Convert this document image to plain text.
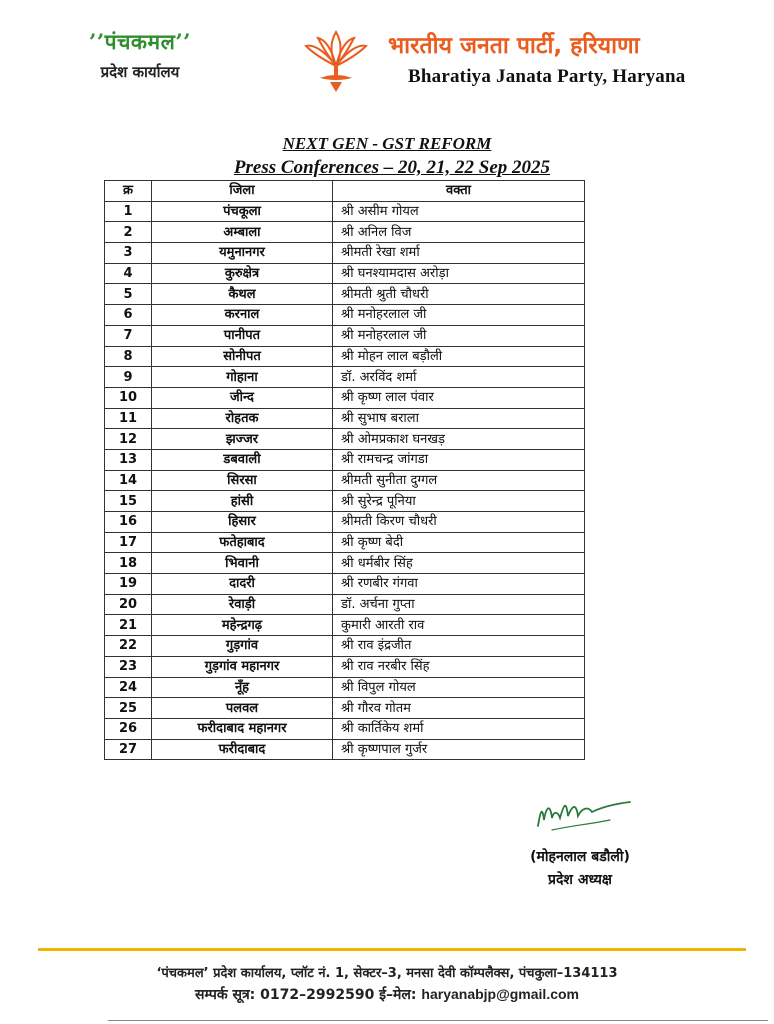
’’पंचकमल’’
प्रदेश कार्यालय
भारतीय जनता पार्टी, हरियाणा
Bharatiya Janata Party, Haryana
NEXT GEN - GST REFORM
Press Conferences – 20, 21, 22 Sep 2025
क्र	जिला	वक्ता
1	पंचकूला	श्री असीम गोयल
2	अम्बाला	श्री अनिल विज
3	यमुनानगर	श्रीमती रेखा शर्मा
4	कुरुक्षेत्र	श्री घनश्यामदास अरोड़ा
5	कैथल	श्रीमती श्रुती चौधरी
6	करनाल	श्री मनोहरलाल जी
7	पानीपत	श्री मनोहरलाल जी
8	सोनीपत	श्री मोहन लाल बड़ौली
9	गोहाना	डॉ. अरविंद शर्मा
10	जीन्द	श्री कृष्ण लाल पंवार
11	रोहतक	श्री सुभाष बराला
12	झज्जर	श्री ओमप्रकाश घनखड़
13	डबवाली	श्री रामचन्द्र जांगडा
14	सिरसा	श्रीमती सुनीता दुग्गल
15	हांसी	श्री सुरेन्द्र पूनिया
16	हिसार	श्रीमती किरण चौधरी
17	फतेहाबाद	श्री कृष्ण बेदी
18	भिवानी	श्री धर्मबीर सिंह
19	दादरी	श्री रणबीर गंगवा
20	रेवाड़ी	डॉ. अर्चना गुप्ता
21	महेन्द्रगढ़	कुमारी आरती राव
22	गुड़गांव	श्री राव इंद्रजीत
23	गुड़गांव महानगर	श्री राव नरबीर सिंह
24	नूँह	श्री विपुल गोयल
25	पलवल	श्री गौरव गोतम
26	फरीदाबाद महानगर	श्री कार्तिकेय शर्मा
27	फरीदाबाद	श्री कृष्णपाल गुर्जर
(मोहनलाल बडौली)
प्रदेश अध्यक्ष
‘पंचकमल’ प्रदेश कार्यालय, प्लॉट नं. 1, सेक्टर–3, मनसा देवी कॉम्पलैक्स, पंचकुला–134113
सम्पर्क सूत्र: 0172–2992590 ई–मेल: haryanabjp@gmail.com
